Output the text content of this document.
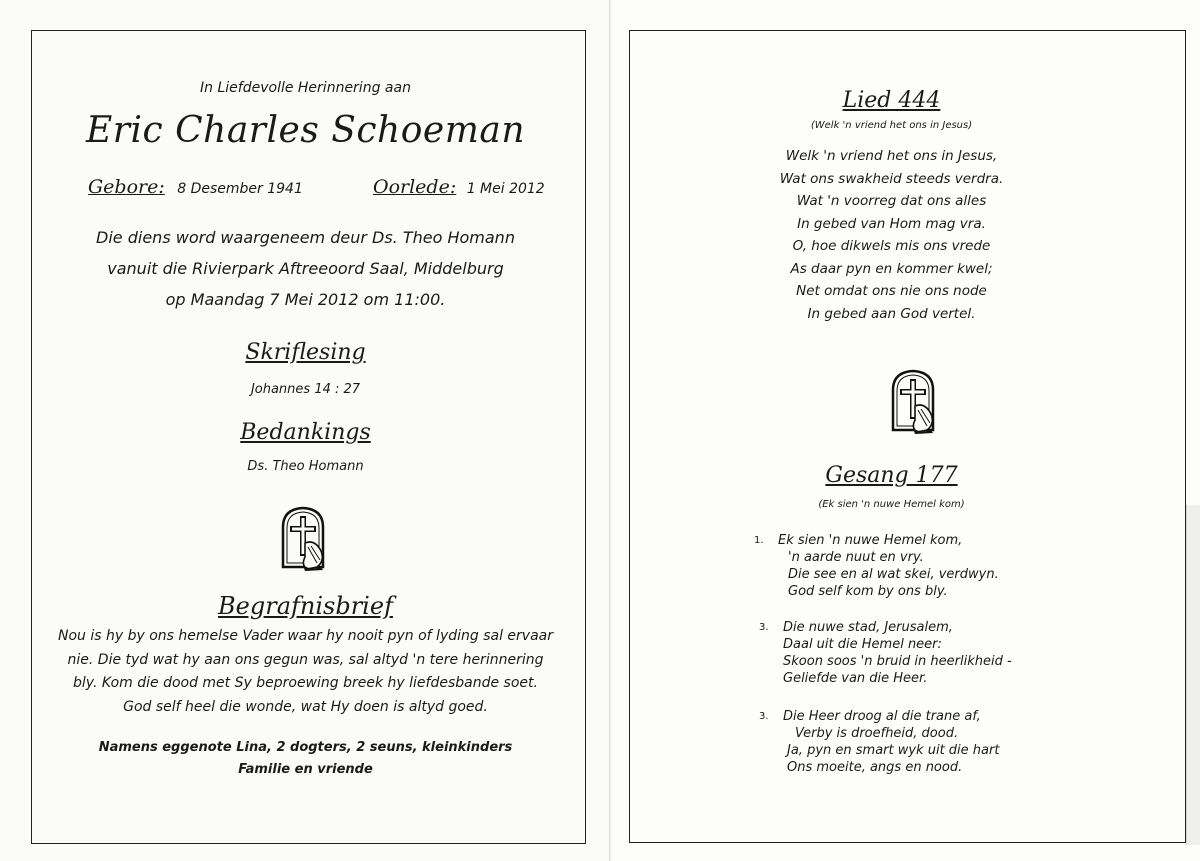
In Liefdevolle Herinnering aan
Eric Charles Schoeman
Gebore: 8 Desember 1941	Oorlede: 1 Mei 2012
Die diens word waargeneem deur Ds. Theo Homann
vanuit die Rivierpark Aftreeoord Saal, Middelburg
op Maandag 7 Mei 2012 om 11:00.
Skriflesing
Johannes 14 : 27
Bedankings
Ds. Theo Homann
Begrafnisbrief
Nou is hy by ons hemelse Vader waar hy nooit pyn of lyding sal ervaar
nie. Die tyd wat hy aan ons gegun was, sal altyd 'n tere herinnering
bly. Kom die dood met Sy beproewing breek hy liefdesbande soet.
God self heel die wonde, wat Hy doen is altyd goed.
Namens eggenote Lina, 2 dogters, 2 seuns, kleinkinders
Familie en vriende
Lied 444
(Welk 'n vriend het ons in Jesus)
Welk 'n vriend het ons in Jesus,
Wat ons swakheid steeds verdra.
Wat 'n voorreg dat ons alles
In gebed van Hom mag vra.
O, hoe dikwels mis ons vrede
As daar pyn en kommer kwel;
Net omdat ons nie ons node
In gebed aan God vertel.
Gesang 177
(Ek sien 'n nuwe Hemel kom)
1. Ek sien 'n nuwe Hemel kom,
'n aarde nuut en vry.
Die see en al wat skei, verdwyn.
God self kom by ons bly.
3. Die nuwe stad, Jerusalem,
Daal uit die Hemel neer:
Skoon soos 'n bruid in heerlikheid -
Geliefde van die Heer.
3. Die Heer droog al die trane af,
Verby is droefheid, dood.
Ja, pyn en smart wyk uit die hart
Ons moeite, angs en nood.
